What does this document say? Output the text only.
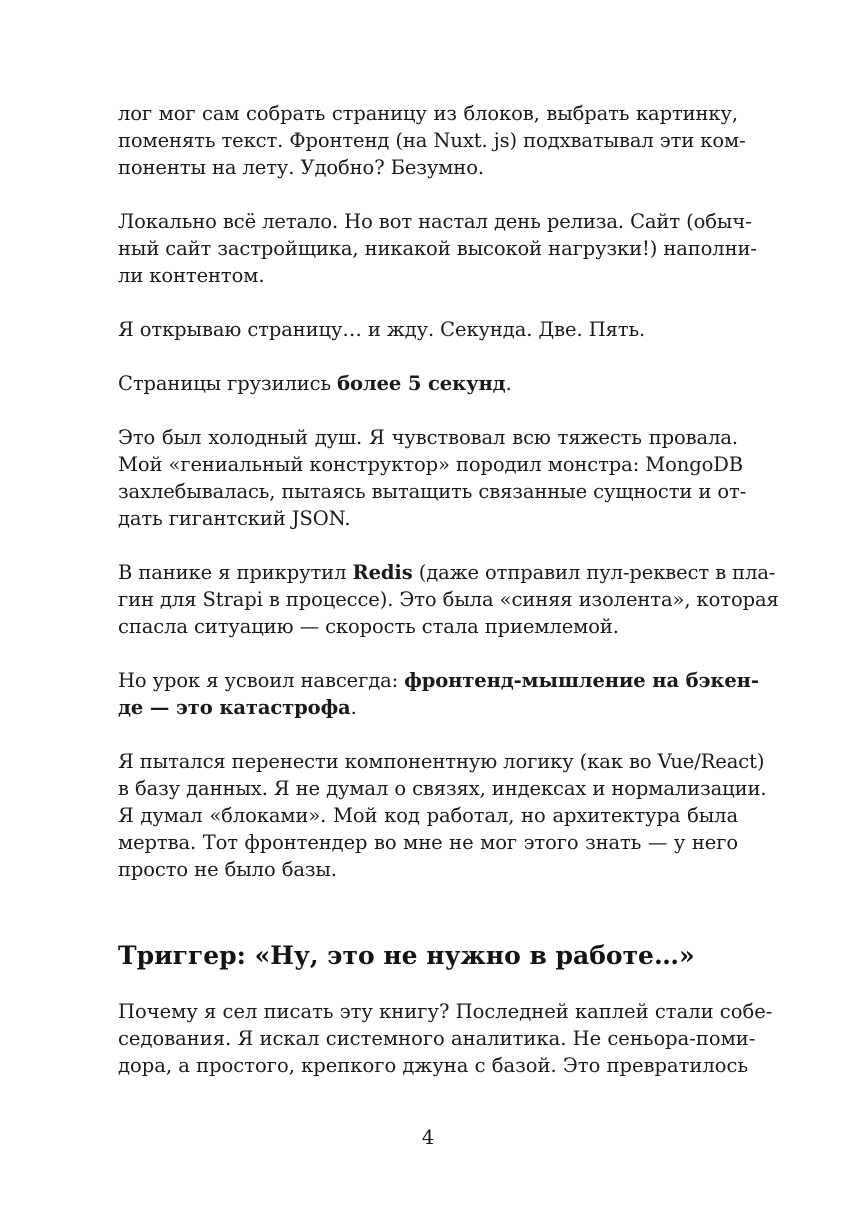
лог мог сам собрать страницу из блоков, выбрать картинку,
поменять текст. Фронтенд (на Nuxt. js) подхватывал эти ком-
поненты на лету. Удобно? Безумно.
Локально всё летало. Но вот настал день релиза. Сайт (обыч-
ный сайт застройщика, никакой высокой нагрузки!) наполни-
ли контентом.
Я открываю страницу… и жду. Секунда. Две. Пять.
Страницы грузились более 5 секунд.
Это был холодный душ. Я чувствовал всю тяжесть провала.
Мой «гениальный конструктор» породил монстра: MongoDB
захлебывалась, пытаясь вытащить связанные сущности и от-
дать гигантский JSON.
В панике я прикрутил Redis (даже отправил пул-реквест в пла-
гин для Strapi в процессе). Это была «синяя изолента», которая
спасла ситуацию — скорость стала приемлемой.
Но урок я усвоил навсегда: фронтенд-мышление на бэкен-
де — это катастрофа.
Я пытался перенести компонентную логику (как во Vue/React)
в базу данных. Я не думал о связях, индексах и нормализации.
Я думал «блоками». Мой код работал, но архитектура была
мертва. Тот фронтендер во мне не мог этого знать — у него
просто не было базы.
Триггер: «Ну, это не нужно в работе…»
Почему я сел писать эту книгу? Последней каплей стали собе-
седования. Я искал системного аналитика. Не сеньора-поми-
дора, а простого, крепкого джуна с базой. Это превратилось
4
